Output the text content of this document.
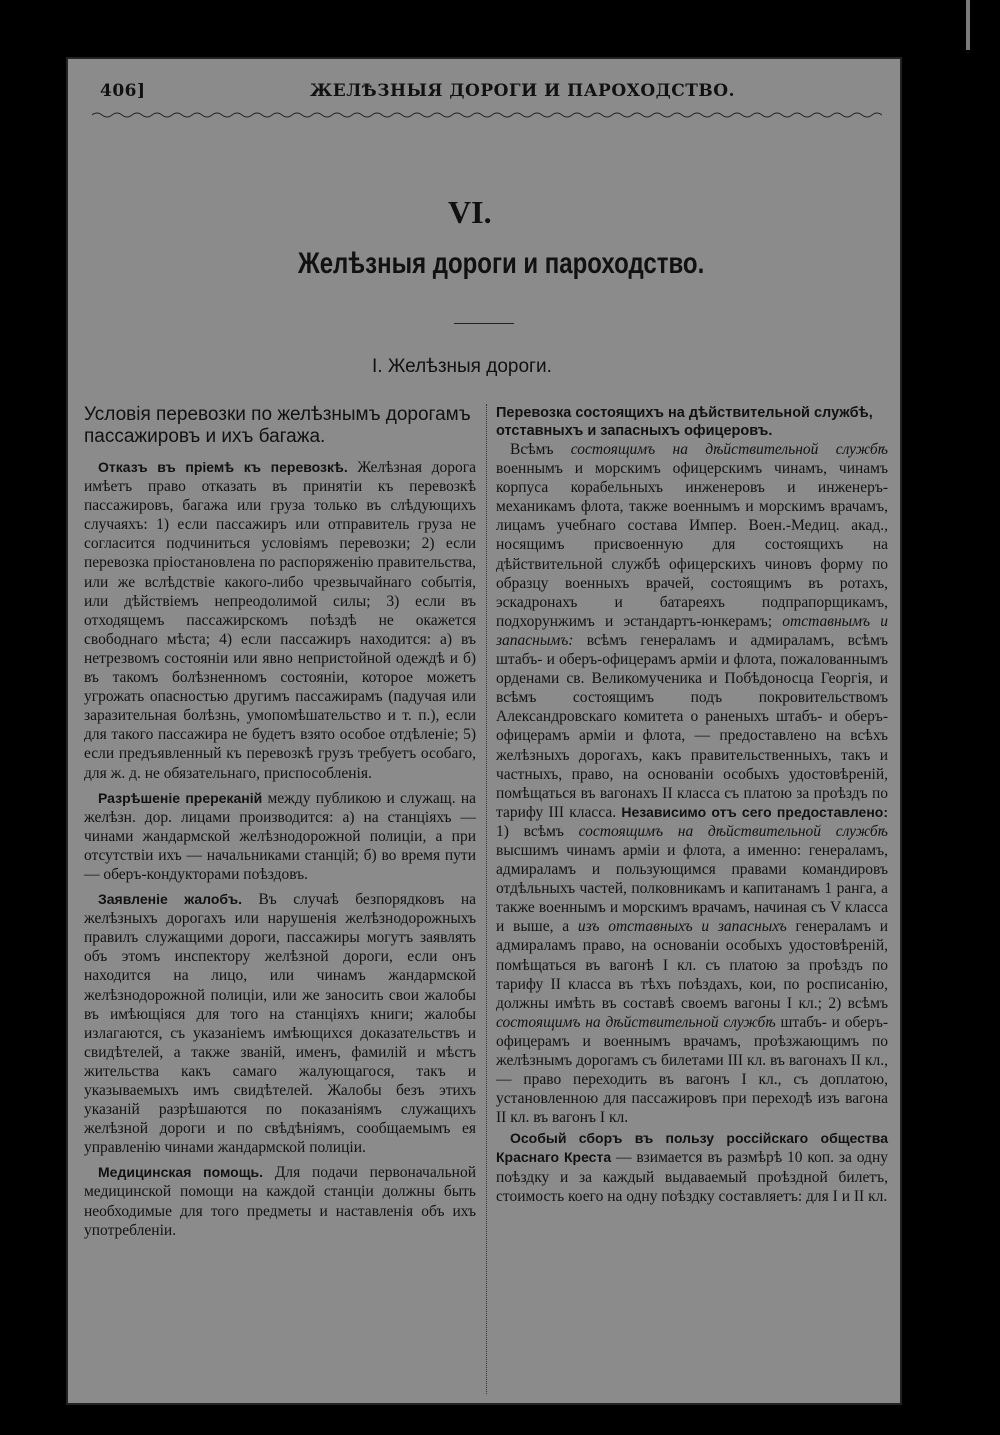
406]	ЖЕЛѢЗНЫЯ ДОРОГИ И ПАРОХОДСТВО.
VI.
Желѣзныя дороги и пароходство.
I. Желѣзныя дороги.

Условія перевозки по желѣзнымъ дорогамъ пассажировъ и ихъ багажа.

Отказъ въ пріемѣ къ перевозкѣ. Желѣзная дорога имѣетъ право отказать въ принятіи къ перевозкѣ пассажировъ, багажа или груза только въ слѣдующихъ случаяхъ: 1) если пассажиръ или отправитель груза не согласится подчиниться условіямъ перевозки; 2) если перевозка пріостановлена по распоряженію правительства, или же вслѣдствіе какого-либо чрезвычайнаго событія, или дѣйствіемъ непреодолимой силы; 3) если въ отходящемъ пассажирскомъ поѣздѣ не окажется свободнаго мѣста; 4) если пассажиръ находится: а) въ нетрезвомъ состояніи или явно непристойной одеждѣ и б) въ такомъ болѣзненномъ состояніи, которое можетъ угрожать опасностью другимъ пассажирамъ (падучая или заразительная болѣзнь, умопомѣшательство и т. п.), если для такого пассажира не будетъ взято особое отдѣленіе; 5) если предъявленный къ перевозкѣ грузъ требуетъ особаго, для ж. д. не обязательнаго, приспособленія.

Разрѣшеніе пререканій между публикою и служащ. на желѣзн. дор. лицами производится: а) на станціяхъ — чинами жандармской желѣзнодорожной полиціи, а при отсутствіи ихъ — начальниками станцій; б) во время пути — оберъ-кондукторами поѣздовъ.

Заявленіе жалобъ. Въ случаѣ безпорядковъ на желѣзныхъ дорогахъ или нарушенія желѣзнодорожныхъ правилъ служащими дороги, пассажиры могутъ заявлять объ этомъ инспектору желѣзной дороги, если онъ находится на лицо, или чинамъ жандармской желѣзнодорожной полиціи, или же заносить свои жалобы въ имѣющіяся для того на станціяхъ книги; жалобы излагаются, съ указаніемъ имѣющихся доказательствъ и свидѣтелей, а также званій, именъ, фамилій и мѣстъ жительства какъ самаго жалующагося, такъ и указываемыхъ имъ свидѣтелей. Жалобы безъ этихъ указаній разрѣшаются по показаніямъ служащихъ желѣзной дороги и по свѣдѣніямъ, сообщаемымъ ея управленію чинами жандармской полиціи.

Медицинская помощь. Для подачи первоначальной медицинской помощи на каждой станціи должны быть необходимые для того предметы и наставленія объ ихъ употребленіи.

Перевозка состоящихъ на дѣйствительной службѣ, отставныхъ и запасныхъ офицеровъ.

Всѣмъ состоящимъ на дѣйствительной службѣ военнымъ и морскимъ офицерскимъ чинамъ, чинамъ корпуса корабельныхъ инженеровъ и инженеръ-механикамъ флота, также военнымъ и морскимъ врачамъ, лицамъ учебнаго состава Импер. Воен.-Медиц. акад., носящимъ присвоенную для состоящихъ на дѣйствительной службѣ офицерскихъ чиновъ форму по образцу военныхъ врачей, состоящимъ въ ротахъ, эскадронахъ и батареяхъ подпрапорщикамъ, подхорунжимъ и эстандартъ-юнкерамъ; отставнымъ и запаснымъ: всѣмъ генераламъ и адмираламъ, всѣмъ штабъ- и оберъ-офицерамъ арміи и флота, пожалованнымъ орденами св. Великомученика и Побѣдоносца Георгія, и всѣмъ состоящимъ подъ покровительствомъ Александровскаго комитета о раненыхъ штабъ- и оберъ-офицерамъ арміи и флота, — предоставлено на всѣхъ желѣзныхъ дорогахъ, какъ правительственныхъ, такъ и частныхъ, право, на основаніи особыхъ удостовѣреній, помѣщаться въ вагонахъ II класса съ платою за проѣздъ по тарифу III класса. Независимо отъ сего предоставлено: 1) всѣмъ состоящимъ на дѣйствительной службѣ высшимъ чинамъ арміи и флота, а именно: генераламъ, адмираламъ и пользующимся правами командировъ отдѣльныхъ частей, полковникамъ и капитанамъ 1 ранга, а также военнымъ и морскимъ врачамъ, начиная съ V класса и выше, а изъ отставныхъ и запасныхъ генераламъ и адмираламъ право, на основаніи особыхъ удостовѣреній, помѣщаться въ вагонѣ I кл. съ платою за проѣздъ по тарифу II класса въ тѣхъ поѣздахъ, кои, по росписанію, должны имѣть въ составѣ своемъ вагоны I кл.; 2) всѣмъ состоящимъ на дѣйствительной службѣ штабъ- и оберъ-офицерамъ и военнымъ врачамъ, проѣзжающимъ по желѣзнымъ дорогамъ съ билетами III кл. въ вагонахъ II кл., — право переходить въ вагонъ I кл., съ доплатою, установленною для пассажировъ при переходѣ изъ вагона II кл. въ вагонъ I кл.

Особый сборъ въ пользу россійскаго общества Краснаго Креста — взимается въ размѣрѣ 10 коп. за одну поѣздку и за каждый выдаваемый проѣздной билетъ, стоимость коего на одну поѣздку составляетъ: для I и II кл.
